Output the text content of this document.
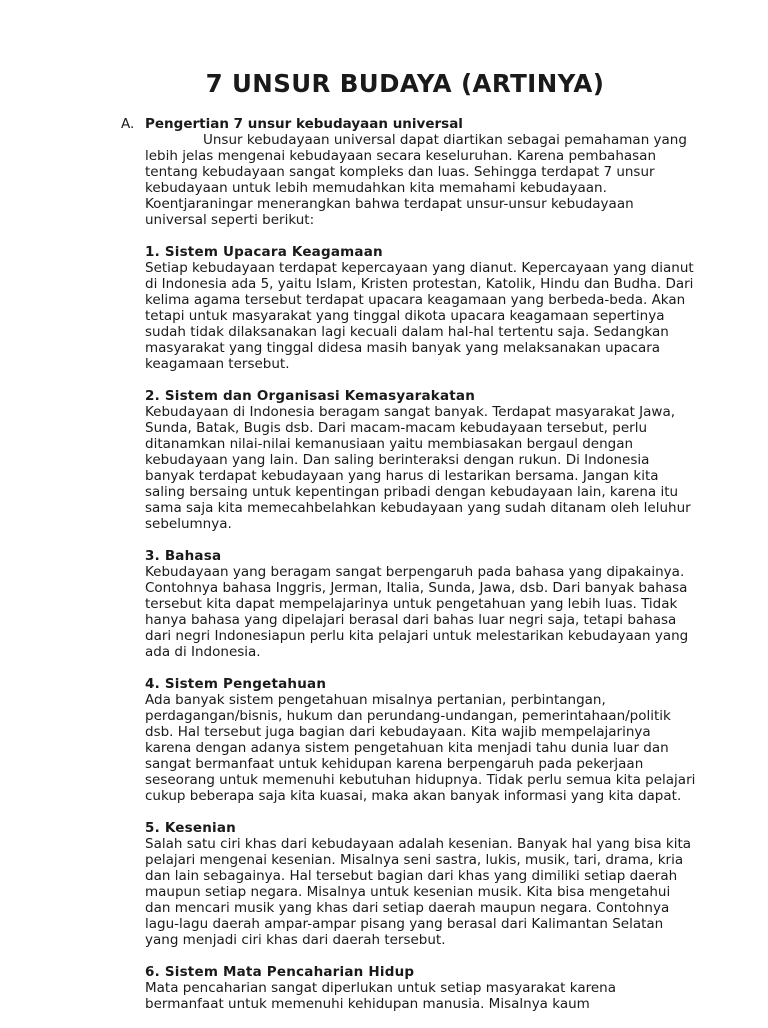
7 UNSUR BUDAYA (ARTINYA)
A. Pengertian 7 unsur kebudayaan universal

Unsur kebudayaan universal dapat diartikan sebagai pemahaman yang
lebih jelas mengenai kebudayaan secara keseluruhan. Karena pembahasan
tentang kebudayaan sangat kompleks dan luas. Sehingga terdapat 7 unsur
kebudayaan untuk lebih memudahkan kita memahami kebudayaan.
Koentjaraningar menerangkan bahwa terdapat unsur-unsur kebudayaan
universal seperti berikut:
1. Sistem Upacara Keagamaan
Setiap kebudayaan terdapat kepercayaan yang dianut. Kepercayaan yang dianut
di Indonesia ada 5, yaitu Islam, Kristen protestan, Katolik, Hindu dan Budha. Dari
kelima agama tersebut terdapat upacara keagamaan yang berbeda-beda. Akan
tetapi untuk masyarakat yang tinggal dikota upacara keagamaan sepertinya
sudah tidak dilaksanakan lagi kecuali dalam hal-hal tertentu saja. Sedangkan
masyarakat yang tinggal didesa masih banyak yang melaksanakan upacara
keagamaan tersebut.
2. Sistem dan Organisasi Kemasyarakatan
Kebudayaan di Indonesia beragam sangat banyak. Terdapat masyarakat Jawa,
Sunda, Batak, Bugis dsb. Dari macam-macam kebudayaan tersebut, perlu
ditanamkan nilai-nilai kemanusiaan yaitu membiasakan bergaul dengan
kebudayaan yang lain. Dan saling berinteraksi dengan rukun. Di Indonesia
banyak terdapat kebudayaan yang harus di lestarikan bersama. Jangan kita
saling bersaing untuk kepentingan pribadi dengan kebudayaan lain, karena itu
sama saja kita memecahbelahkan kebudayaan yang sudah ditanam oleh leluhur
sebelumnya.
3. Bahasa
Kebudayaan yang beragam sangat berpengaruh pada bahasa yang dipakainya.
Contohnya bahasa Inggris, Jerman, Italia, Sunda, Jawa, dsb. Dari banyak bahasa
tersebut kita dapat mempelajarinya untuk pengetahuan yang lebih luas. Tidak
hanya bahasa yang dipelajari berasal dari bahas luar negri saja, tetapi bahasa
dari negri Indonesiapun perlu kita pelajari untuk melestarikan kebudayaan yang
ada di Indonesia.
4. Sistem Pengetahuan
Ada banyak sistem pengetahuan misalnya pertanian, perbintangan,
perdagangan/bisnis, hukum dan perundang-undangan, pemerintahaan/politik
dsb. Hal tersebut juga bagian dari kebudayaan. Kita wajib mempelajarinya
karena dengan adanya sistem pengetahuan kita menjadi tahu dunia luar dan
sangat bermanfaat untuk kehidupan karena berpengaruh pada pekerjaan
seseorang untuk memenuhi kebutuhan hidupnya. Tidak perlu semua kita pelajari
cukup beberapa saja kita kuasai, maka akan banyak informasi yang kita dapat.
5. Kesenian
Salah satu ciri khas dari kebudayaan adalah kesenian. Banyak hal yang bisa kita
pelajari mengenai kesenian. Misalnya seni sastra, lukis, musik, tari, drama, kria
dan lain sebagainya. Hal tersebut bagian dari khas yang dimiliki setiap daerah
maupun setiap negara. Misalnya untuk kesenian musik. Kita bisa mengetahui
dan mencari musik yang khas dari setiap daerah maupun negara. Contohnya
lagu-lagu daerah ampar-ampar pisang yang berasal dari Kalimantan Selatan
yang menjadi ciri khas dari daerah tersebut.
6. Sistem Mata Pencaharian Hidup
Mata pencaharian sangat diperlukan untuk setiap masyarakat karena
bermanfaat untuk memenuhi kehidupan manusia. Misalnya kaum
